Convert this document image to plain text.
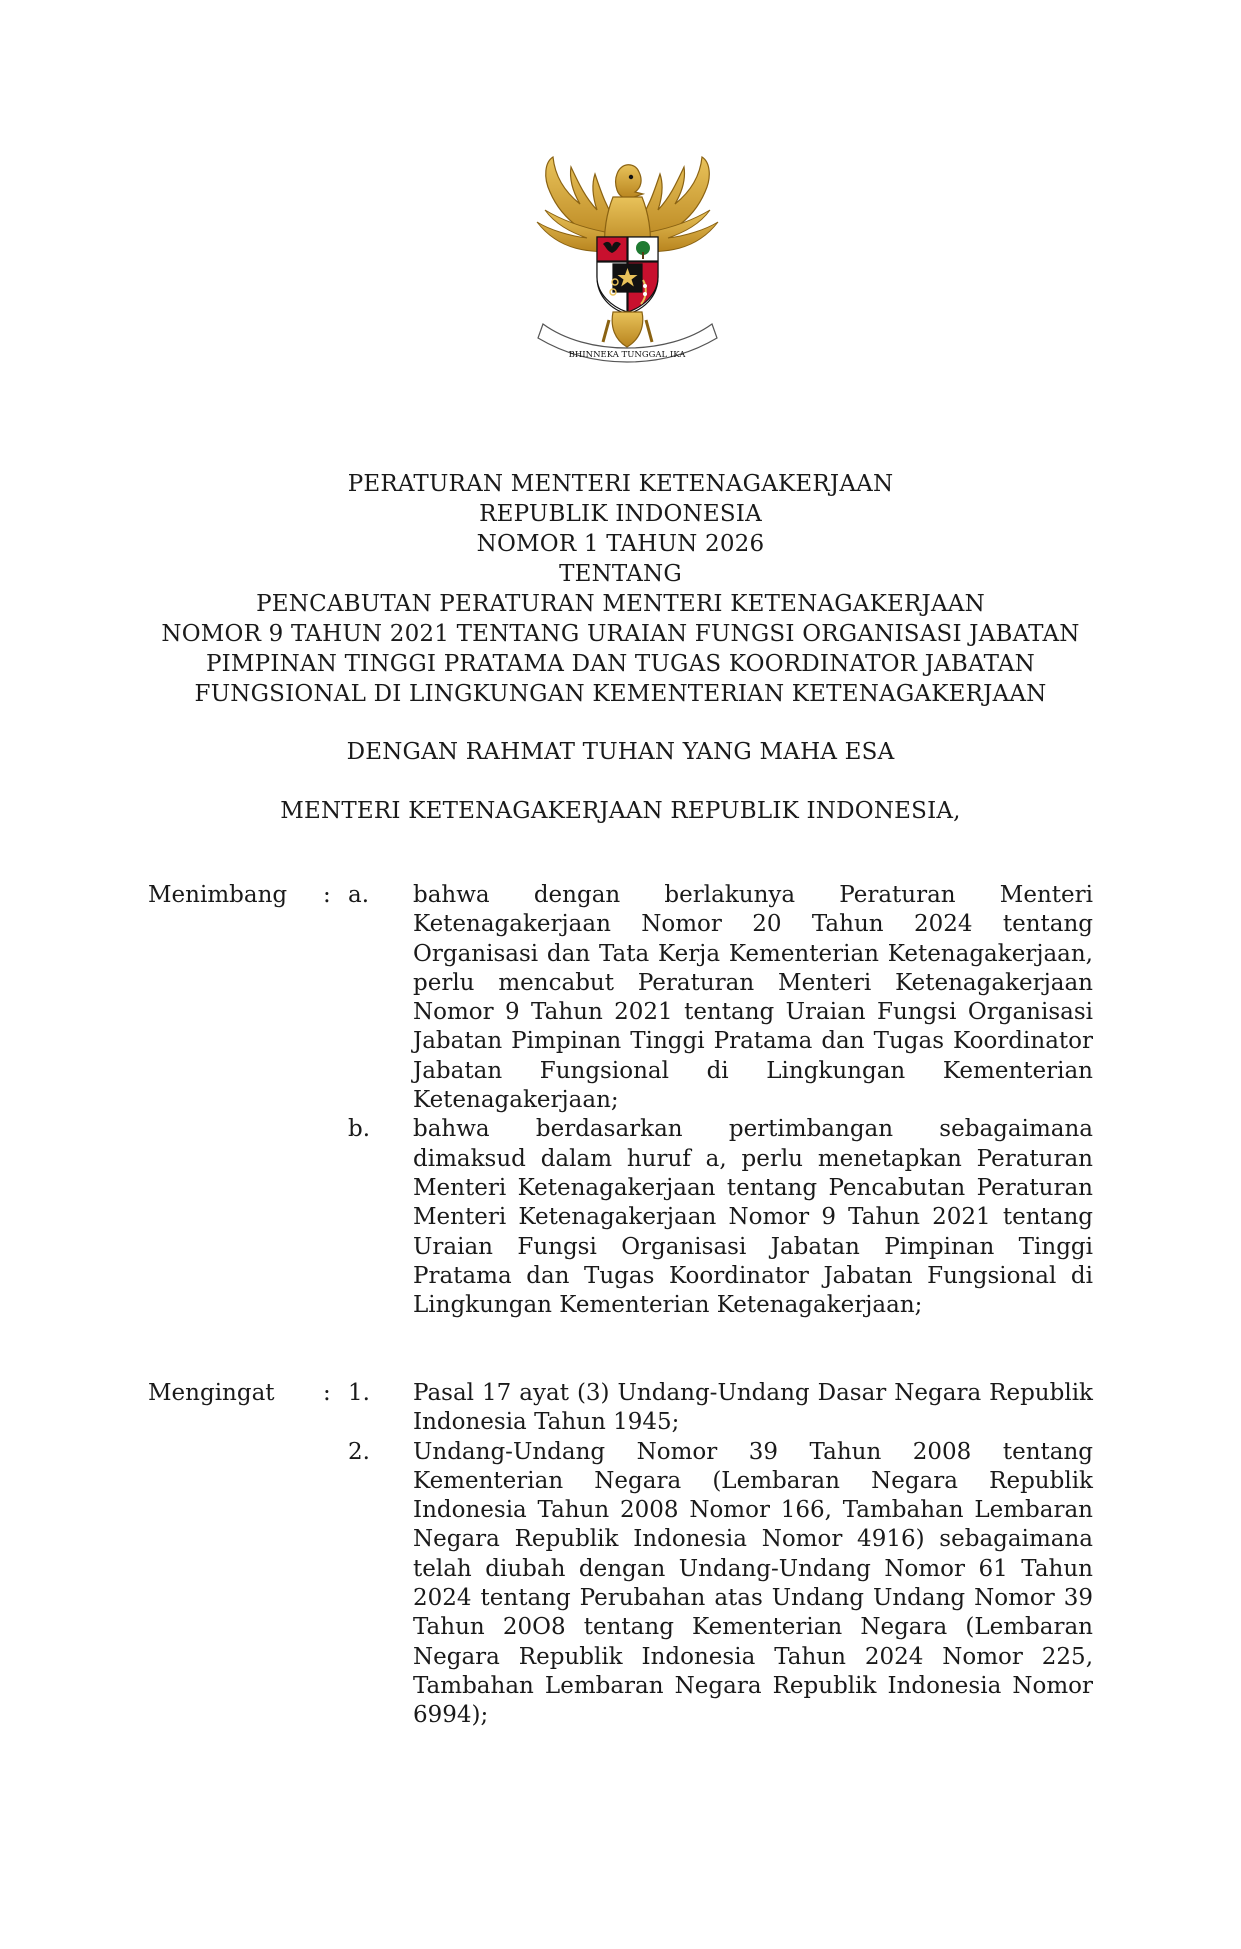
BHINNEKA TUNGGAL IKA
PERATURAN MENTERI KETENAGAKERJAAN
REPUBLIK INDONESIA
NOMOR 1 TAHUN 2026
TENTANG
PENCABUTAN PERATURAN MENTERI KETENAGAKERJAAN
NOMOR 9 TAHUN 2021 TENTANG URAIAN FUNGSI ORGANISASI JABATAN
PIMPINAN TINGGI PRATAMA DAN TUGAS KOORDINATOR JABATAN
FUNGSIONAL DI LINGKUNGAN KEMENTERIAN KETENAGAKERJAAN
DENGAN RAHMAT TUHAN YANG MAHA ESA
MENTERI KETENAGAKERJAAN REPUBLIK INDONESIA,
Menimbang : a. bahwa dengan berlakunya Peraturan Menteri Ketenagakerjaan Nomor 20 Tahun 2024 tentang Organisasi dan Tata Kerja Kementerian Ketenagakerjaan, perlu mencabut Peraturan Menteri Ketenagakerjaan Nomor 9 Tahun 2021 tentang Uraian Fungsi Organisasi Jabatan Pimpinan Tinggi Pratama dan Tugas Koordinator Jabatan Fungsional di Lingkungan Kementerian Ketenagakerjaan;
b. bahwa berdasarkan pertimbangan sebagaimana dimaksud dalam huruf a, perlu menetapkan Peraturan Menteri Ketenagakerjaan tentang Pencabutan Peraturan Menteri Ketenagakerjaan Nomor 9 Tahun 2021 tentang Uraian Fungsi Organisasi Jabatan Pimpinan Tinggi Pratama dan Tugas Koordinator Jabatan Fungsional di Lingkungan Kementerian Ketenagakerjaan;
Mengingat : 1. Pasal 17 ayat (3) Undang-Undang Dasar Negara Republik Indonesia Tahun 1945;
2. Undang-Undang Nomor 39 Tahun 2008 tentang Kementerian Negara (Lembaran Negara Republik Indonesia Tahun 2008 Nomor 166, Tambahan Lembaran Negara Republik Indonesia Nomor 4916) sebagaimana telah diubah dengan Undang-Undang Nomor 61 Tahun 2024 tentang Perubahan atas Undang Undang Nomor 39 Tahun 20O8 tentang Kementerian Negara (Lembaran Negara Republik Indonesia Tahun 2024 Nomor 225, Tambahan Lembaran Negara Republik Indonesia Nomor 6994);
